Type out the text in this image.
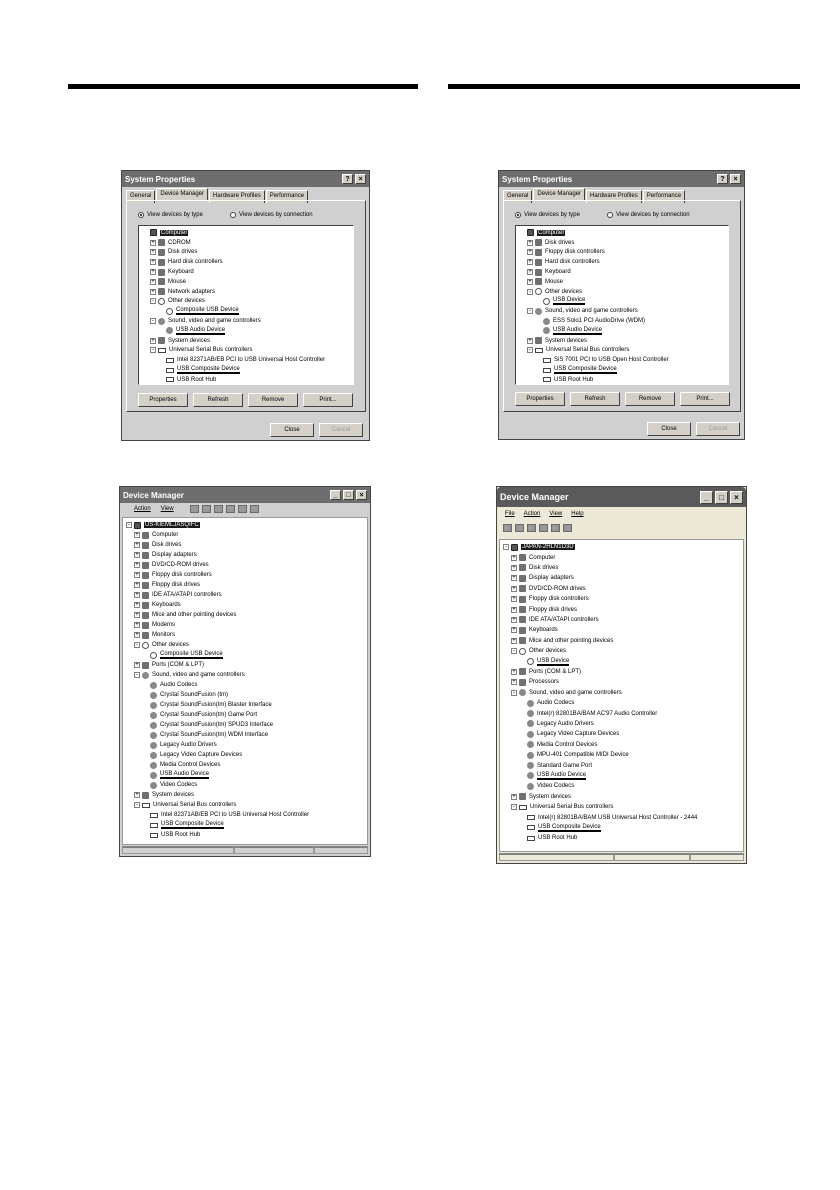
System Properties	?	×
General	Device Manager	Hardware Profiles	Performance
View devices by type	View devices by connection
Computer
+ CDROM
+ Disk drives
+ Hard disk controllers
+ Keyboard
+ Mouse
+ Network adapters
-	Other devices
Composite USB Device
-	Sound, video and game controllers
USB Audio Device
+ System devices
-	Universal Serial Bus controllers
Intel 82371AB/EB PCI to USB Universal Host Controller
USB Composite Device
USB Root Hub
Properties	Refresh	Remove	Print...
Close	Cancel
System Properties	?	×
General	Device Manager	Hardware Profiles	Performance
View devices by type	View devices by connection
Computer
+ Disk drives
+ Floppy disk controllers
+ Hard disk controllers
+ Keyboard
+ Mouse
-	Other devices
USB Device
-	Sound, video and game controllers
ESS Solo1 PCI AudioDrive (WDM)
USB Audio Device
+ System devices
-	Universal Serial Bus controllers
SiS 7001 PCI to USB Open Host Controller
USB Composite Device
USB Root Hub
Properties	Refresh	Remove	Print...
Close	Cancel
Device Manager	_	□	×
Action View
-	US-KIEMLJASQIFC
+ Computer
+ Disk drives
+ Display adapters
+ DVD/CD-ROM drives
+ Floppy disk controllers
+ Floppy disk drives
+ IDE ATA/ATAPI controllers
+ Keyboards
+ Mice and other pointing devices
+ Modems
+ Monitors
-	Other devices
Composite USB Device
+ Ports (COM & LPT)
-	Sound, video and game controllers
Audio Codecs
Crystal SoundFusion (tm)
Crystal SoundFusion(tm) Blaster Interface
Crystal SoundFusion(tm) Game Port
Crystal SoundFusion(tm) SPUD3 Interface
Crystal SoundFusion(tm) WDM Interface
Legacy Audio Drivers
Legacy Video Capture Devices
Media Control Devices
USB Audio Device
Video Codecs
+ System devices
-	Universal Serial Bus controllers
Intel 82371AB/EB PCI to USB Universal Host Controller
USB Composite Device
USB Root Hub
Device Manager	_	□	×
File Action View Help
-	JAPAN-2HLN1D3D
+ Computer
+ Disk drives
+ Display adapters
+ DVD/CD-ROM drives
+ Floppy disk controllers
+ Floppy disk drives
+ IDE ATA/ATAPI controllers
+ Keyboards
+ Mice and other pointing devices
-	Other devices
USB Device
+ Ports (COM & LPT)
+ Processors
-	Sound, video and game controllers
Audio Codecs
Intel(r) 82801BA/BAM AC'97 Audio Controller
Legacy Audio Drivers
Legacy Video Capture Devices
Media Control Devices
MPU-401 Compatible MIDI Device
Standard Game Port
USB Audio Device
Video Codecs
+ System devices
-	Universal Serial Bus controllers
Intel(r) 82801BA/BAM USB Universal Host Controller - 2444
USB Composite Device
USB Root Hub
